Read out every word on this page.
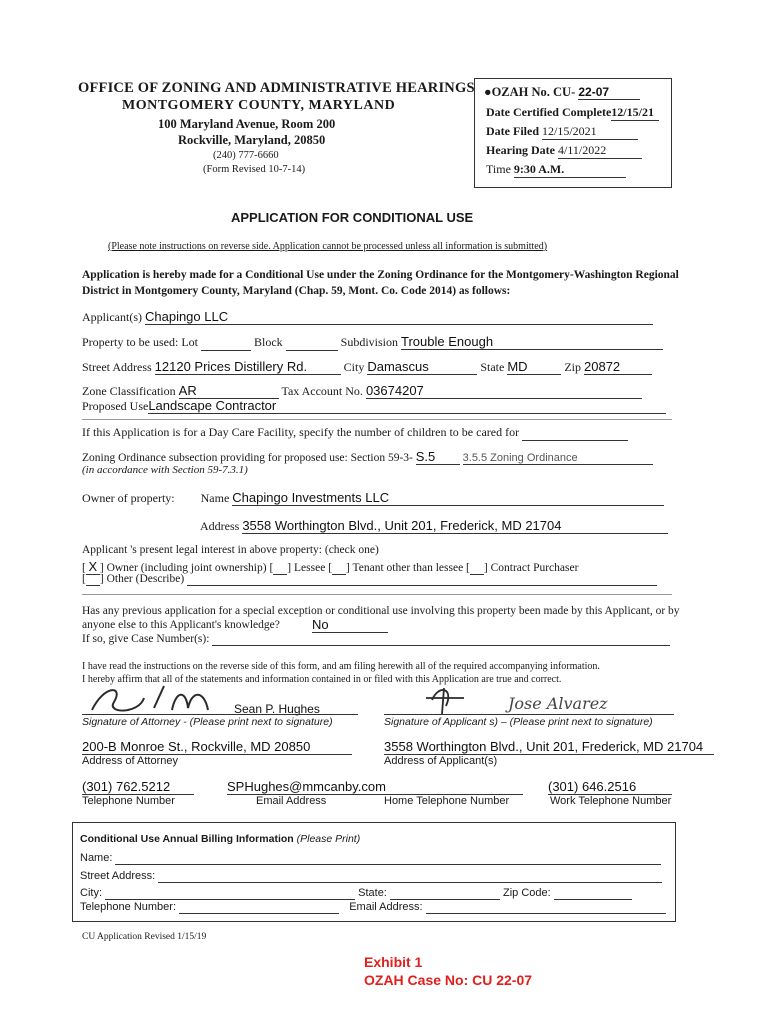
OFFICE OF ZONING AND ADMINISTRATIVE HEARINGS
MONTGOMERY COUNTY, MARYLAND
100 Maryland Avenue, Room 200
Rockville, Maryland, 20850
(240) 777-6660
(Form Revised 10-7-14)
●OZAH No. CU- 22-07
Date Certified Complete12/15/21
Date Filed 12/15/2021
Hearing Date 4/11/2022
Time 9:30 A.M.
APPLICATION FOR CONDITIONAL USE
(Please note instructions on reverse side. Application cannot be processed unless all information is submitted)
Application is hereby made for a Conditional Use under the Zoning Ordinance for the Montgomery-Washington Regional District in Montgomery County, Maryland (Chap. 59, Mont. Co. Code 2014) as follows:
Applicant(s) Chapingo LLC
Property to be used: Lot	Block	Subdivision Trouble Enough
Street Address 12120 Prices Distillery Rd.	City Damascus	State MD	Zip 20872
Zone Classification AR	Tax Account No. 03674207
Proposed UseLandscape Contractor
If this Application is for a Day Care Facility, specify the number of children to be cared for
Zoning Ordinance subsection providing for proposed use: Section 59-3- S.5 3.5.5 Zoning Ordinance
(in accordance with Section 59-7.3.1)
Owner of property: Name Chapingo Investments LLC
Address 3558 Worthington Blvd., Unit 201, Frederick, MD 21704
Applicant 's present legal interest in above property: (check one)
[ X ] Owner (including joint ownership) [ ] Lessee [ ] Tenant other than lessee [ ] Contract Purchaser
[ ] Other (Describe)
Has any previous application for a special exception or conditional use involving this property been made by this Applicant, or by anyone else to this Applicant's knowledge?	No
If so, give Case Number(s):
I have read the instructions on the reverse side of this form, and am filing herewith all of the required accompanying information.
I hereby affirm that all of the statements and information contained in or filed with this Application are true and correct.
Sean P. Hughes	Jose Alvarez
Signature of Attorney - (Please print next to signature)	Signature of Applicant s) – (Please print next to signature)
200-B Monroe St., Rockville, MD 20850	3558 Worthington Blvd., Unit 201, Frederick, MD 21704
Address of Attorney	Address of Applicant(s)
(301) 762.5212	SPHughes@mmcanby.com	(301) 646.2516
Telephone Number	Email Address	Home Telephone Number	Work Telephone Number
Conditional Use Annual Billing Information (Please Print)
Name:
Street Address:
City:	State:	Zip Code:
Telephone Number:	Email Address:
CU Application Revised 1/15/19
Exhibit 1
OZAH Case No: CU 22-07
